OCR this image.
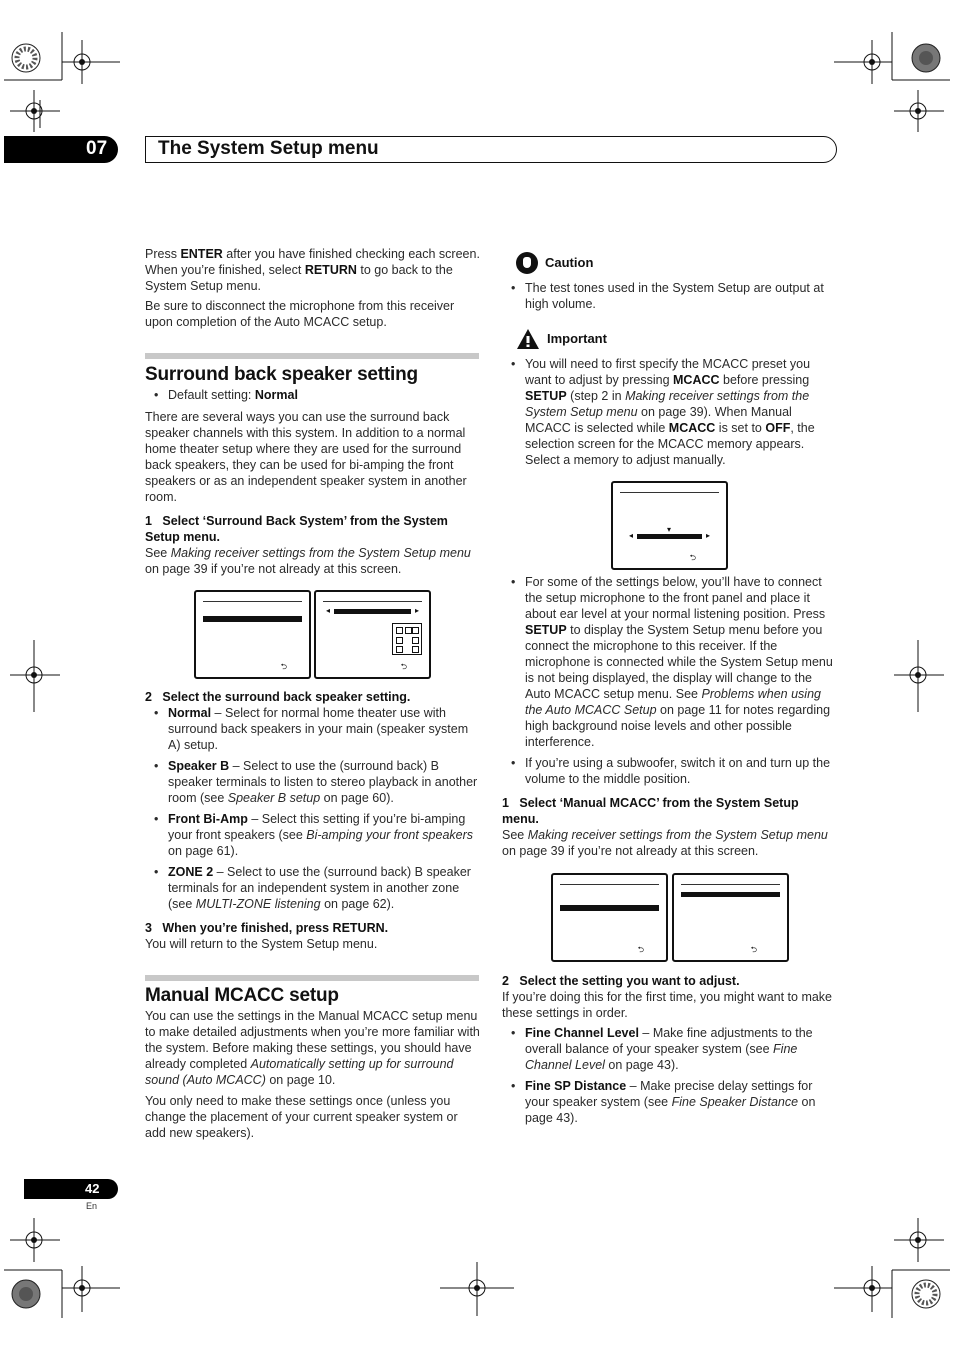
07	The System Setup menu

Press ENTER after you have finished checking each screen. When you’re finished, select RETURN to go back to the System Setup menu.

Be sure to disconnect the microphone from this receiver upon completion of the Auto MCACC setup.

Surround back speaker setting
• Default setting: Normal

There are several ways you can use the surround back speaker channels with this system. In addition to a normal home theater setup where they are used for the surround back speakers, they can be used for bi-amping the front speakers or as an independent speaker system in another room.

1   Select ‘Surround Back System’ from the System Setup menu.

See Making receiver settings from the System Setup menu on page 39 if you’re not already at this screen.

⮌
◂	▸
⮌

2   Select the surround back speaker setting.

• Normal – Select for normal home theater use with surround back speakers in your main (speaker system A) setup.
• Speaker B – Select to use the (surround back) B speaker terminals to listen to stereo playback in another room (see Speaker B setup on page 60).
• Front Bi-Amp – Select this setting if you’re bi-amping your front speakers (see Bi-amping your front speakers on page 61).
• ZONE 2 – Select to use the (surround back) B speaker terminals for an independent system in another zone (see MULTI-ZONE listening on page 62).

3   When you’re finished, press RETURN.

You will return to the System Setup menu.

Manual MCACC setup

You can use the settings in the Manual MCACC setup menu to make detailed adjustments when you’re more familiar with the system. Before making these settings, you should have already completed Automatically setting up for surround sound (Auto MCACC) on page 10.

You only need to make these settings once (unless you change the placement of your current speaker system or add new speakers).

Caution
• The test tones used in the System Setup are output at high volume.
Important
• You will need to first specify the MCACC preset you want to adjust by pressing MCACC before pressing SETUP (step 2 in Making receiver settings from the System Setup menu on page 39). When Manual MCACC is selected while MCACC is set to OFF, the selection screen for the MCACC memory appears. Select a memory to adjust manually.
▾
◂	▸
⮌
• For some of the settings below, you’ll have to connect the setup microphone to the front panel and place it about ear level at your normal listening position. Press SETUP to display the System Setup menu before you connect the microphone to this receiver. If the microphone is connected while the System Setup menu is not being displayed, the display will change to the Auto MCACC setup menu. See Problems when using the Auto MCACC Setup on page 11 for notes regarding high background noise levels and other possible interference.
• If you’re using a subwoofer, switch it on and turn up the volume to the middle position.

1   Select ‘Manual MCACC’ from the System Setup menu.

See Making receiver settings from the System Setup menu on page 39 if you’re not already at this screen.

⮌	⮌

2   Select the setting you want to adjust.

If you’re doing this for the first time, you might want to make these settings in order.

• Fine Channel Level – Make fine adjustments to the overall balance of your speaker system (see Fine Channel Level on page 43).
• Fine SP Distance – Make precise delay settings for your speaker system (see Fine Speaker Distance on page 43).
42
En
